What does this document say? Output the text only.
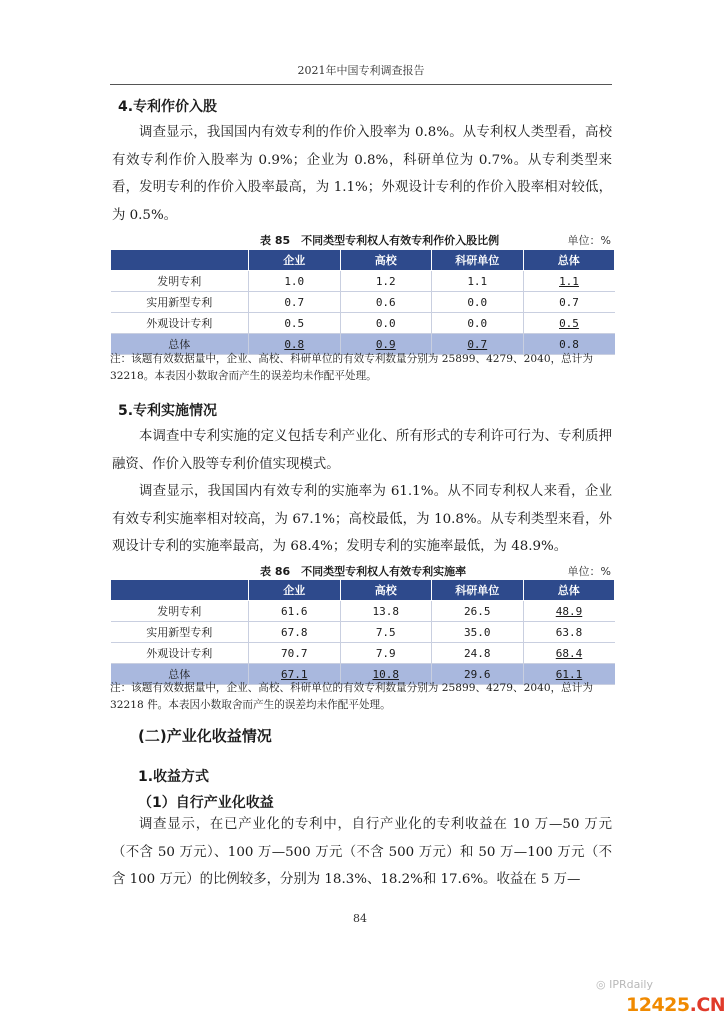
2021年中国专利调查报告
4.专利作价入股

调查显示，我国国内有效专利的作价入股率为 0.8%。从专利权人类型看，高校有效专利作价入股率为 0.9%；企业为 0.8%，科研单位为 0.7%。从专利类型来看，发明专利的作价入股率最高，为 1.1%；外观设计专利的作价入股率相对较低，为 0.5%。

表 85　不同类型专利权人有效专利作价入股比例	单位：%
	企业	高校	科研单位	总体
发明专利	1.0	1.2	1.1	1.1
实用新型专利	0.7	0.6	0.0	0.7
外观设计专利	0.5	0.0	0.0	0.5
总体	0.8	0.9	0.7	0.8

注：该题有效数据量中，企业、高校、科研单位的有效专利数量分别为 25899、4279、2040，总计为 32218。本表因小数取舍而产生的误差均未作配平处理。

5.专利实施情况

本调查中专利实施的定义包括专利产业化、所有形式的专利许可行为、专利质押融资、作价入股等专利价值实现模式。

调查显示，我国国内有效专利的实施率为 61.1%。从不同专利权人来看，企业有效专利实施率相对较高，为 67.1%；高校最低，为 10.8%。从专利类型来看，外观设计专利的实施率最高，为 68.4%；发明专利的实施率最低，为 48.9%。

表 86　不同类型专利权人有效专利实施率	单位：%
	企业	高校	科研单位	总体
发明专利	61.6	13.8	26.5	48.9
实用新型专利	67.8	7.5	35.0	63.8
外观设计专利	70.7	7.9	24.8	68.4
总体	67.1	10.8	29.6	61.1

注：该题有效数据量中，企业、高校、科研单位的有效专利数量分别为 25899、4279、2040，总计为 32218 件。本表因小数取舍而产生的误差均未作配平处理。

(二)产业化收益情况
1.收益方式
（1）自行产业化收益

调查显示，在已产业化的专利中，自行产业化的专利收益在 10 万—50 万元（不含 50 万元）、100 万—500 万元（不含 500 万元）和 50 万—100 万元（不含 100 万元）的比例较多，分别为 18.3%、18.2%和 17.6%。收益在 5 万—

84
◎ IPRdaily
12425.CN
